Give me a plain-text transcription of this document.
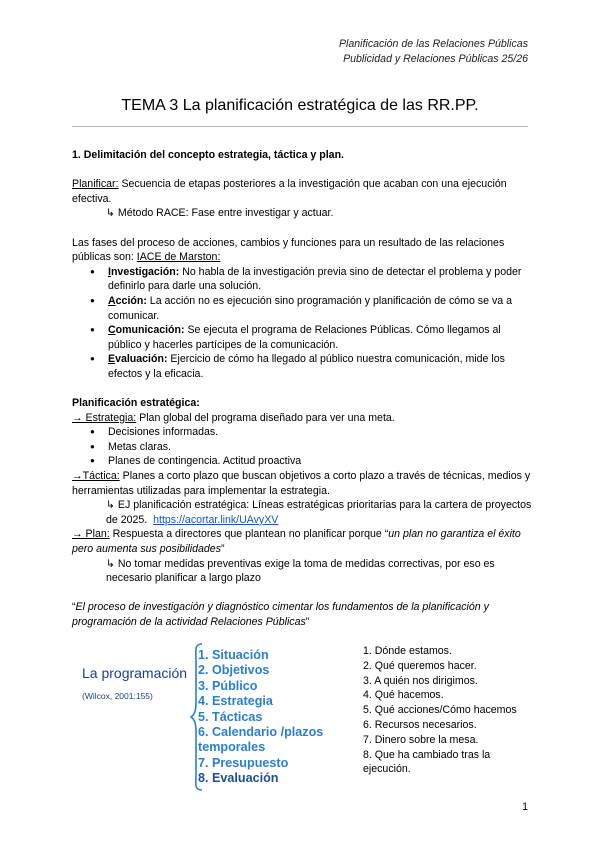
Planificación de las Relaciones Públicas
Publicidad y Relaciones Públicas 25/26
TEMA 3 La planificación estratégica de las RR.PP.

1. Delimitación del concepto estrategia, táctica y plan.

Planificar: Secuencia de etapas posteriores a la investigación que acaban con una ejecución efectiva.

↳ Método RACE: Fase entre investigar y actuar.

Las fases del proceso de acciones, cambios y funciones para un resultado de las relaciones públicas son: IACE de Marston:

● Investigación: No habla de la investigación previa sino de detectar el problema y poder definirlo para darle una solución.
● Acción: La acción no es ejecución sino programación y planificación de cómo se va a comunicar.
● Comunicación: Se ejecuta el programa de Relaciones Públicas. Cómo llegamos al público y hacerles partícipes de la comunicación.
● Evaluación: Ejercicio de cómo ha llegado al público nuestra comunicación, mide los efectos y la eficacia.

Planificación estratégica:

→ Estrategia: Plan global del programa diseñado para ver una meta.

● Decisiones informadas.
● Metas claras.
● Planes de contingencia. Actitud proactiva

→Táctica: Planes a corto plazo que buscan objetivos a corto plazo a través de técnicas, medios y herramientas utilizadas para implementar la estrategia.

↳ EJ planificación estratégica: Líneas estratégicas prioritarias para la cartera de proyectos de 2025. https://acortar.link/UAvyXV

→ Plan: Respuesta a directores que plantean no planificar porque “un plan no garantiza el éxito pero aumenta sus posibilidades”

↳ No tomar medidas preventivas exige la toma de medidas correctivas, por eso es necesario planificar a largo plazo

“El proceso de investigación y diagnóstico cimentar los fundamentos de la planificación y programación de la actividad Relaciones Públicas”

La programación
(Wilcox, 2001:155)
1. Situación
2. Objetivos
3. Público
4. Estrategia
5. Tácticas
6. Calendario /plazos temporales
7. Presupuesto
8. Evaluación
1. Dónde estamos.
2. Qué queremos hacer.
3. A quién nos dirigimos.
4. Qué hacemos.
5. Qué acciones/Cómo hacemos
6. Recursos necesarios.
7. Dinero sobre la mesa.
8. Que ha cambiado tras la ejecución.
1
